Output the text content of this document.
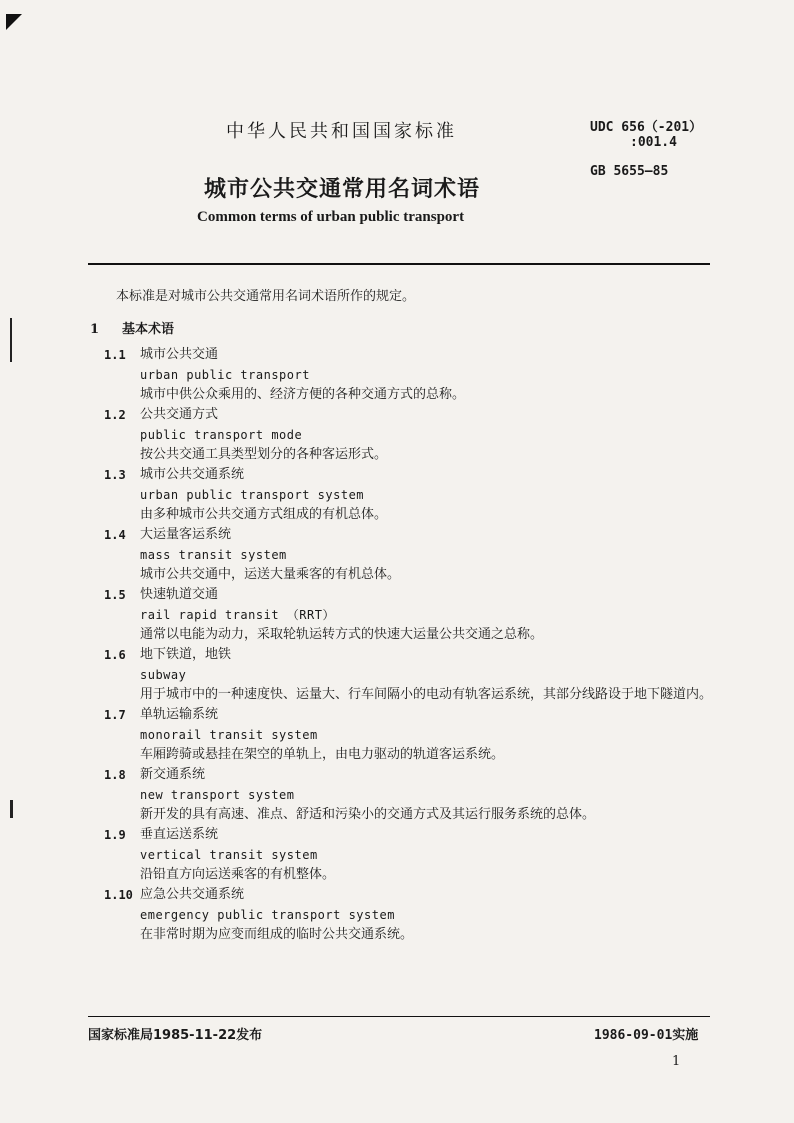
中华人民共和国国家标准	UDC 656（-201）
:001.4
GB 5655—85
城市公共交通常用名词术语
Common terms of urban public transport
本标准是对城市公共交通常用名词术语所作的规定。
1 基本术语
1.1 城市公共交通
urban public transport
城市中供公众乘用的、经济方便的各种交通方式的总称。
1.2 公共交通方式
public transport mode
按公共交通工具类型划分的各种客运形式。
1.3 城市公共交通系统
urban public transport system
由多种城市公共交通方式组成的有机总体。
1.4 大运量客运系统
mass transit system
城市公共交通中，运送大量乘客的有机总体。
1.5 快速轨道交通
rail rapid transit （RRT）
通常以电能为动力，采取轮轨运转方式的快速大运量公共交通之总称。
1.6 地下铁道，地铁
subway
用于城市中的一种速度快、运量大、行车间隔小的电动有轨客运系统，其部分线路设于地下隧道内。
1.7 单轨运输系统
monorail transit system
车厢跨骑或悬挂在架空的单轨上，由电力驱动的轨道客运系统。
1.8 新交通系统
new transport system
新开发的具有高速、准点、舒适和污染小的交通方式及其运行服务系统的总体。
1.9 垂直运送系统
vertical transit system
沿铅直方向运送乘客的有机整体。
1.10 应急公共交通系统
emergency public transport system
在非常时期为应变而组成的临时公共交通系统。
国家标准局1985-11-22发布	1986-09-01实施
1
